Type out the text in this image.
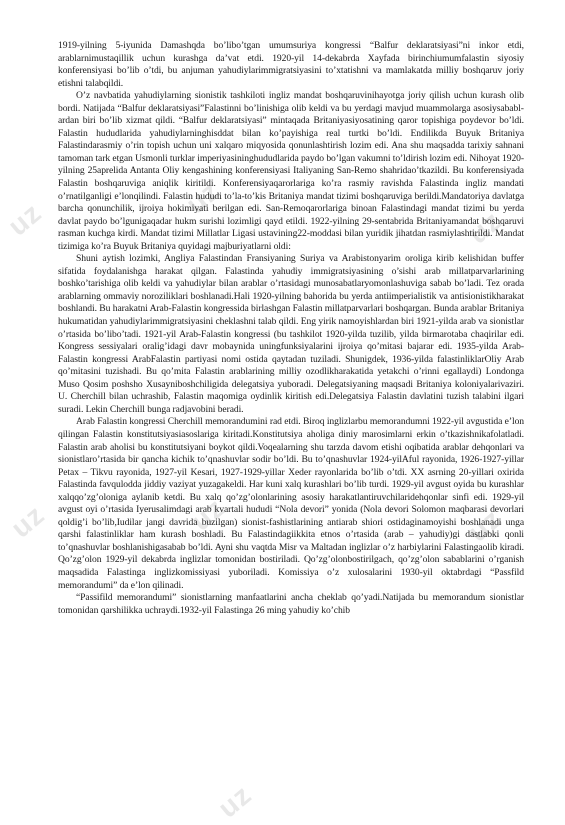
uz	uz
uz
uz	uz	uz
uz

1919-yilning 5-iyunida Damashqda bo’libo’tgan umumsuriya kongressi “Balfur deklaratsiyasi”ni inkor etdi, arablarnimustaqillik uchun kurashga da’vat etdi. 1920-yil 14-dekabrda Xayfada birinchiumumfalastin siyosiy konferensiyasi bo’lib o’tdi, bu anjuman yahudiylarimmigratsiyasini to’xtatishni va mamlakatda milliy boshqaruv joriy etishni talabqildi.

O’z navbatida yahudiylarning sionistik tashkiloti ingliz mandat boshqaruvinihayotga joriy qilish uchun kurash olib bordi. Natijada “Balfur deklaratsiyasi”Falastinni bo’linishiga olib keldi va bu yerdagi mavjud muammolarga asosiysabablardan biri bo’lib xizmat qildi. “Balfur deklaratsiyasi” mintaqada Britaniyasiyosatining qaror topishiga poydevor bo’ldi. Falastin hududlarida yahudiylarninghisddat bilan ko’payishiga real turtki bo’ldi. Endilikda Buyuk Britaniya Falastindarasmiy o’rin topish uchun uni xalqaro miqyosida qonunlashtirish lozim edi. Ana shu maqsadda tarixiy sahnani tamoman tark etgan Usmonli turklar imperiyasininghududlarida paydo bo’lgan vakumni to’ldirish lozim edi. Nihoyat 1920-yilning 25aprelida Antanta Oliy kengashining konferensiyasi Italiyaning San-Remo shahridao’tkazildi. Bu konferensiyada Falastin boshqaruviga aniqlik kiritildi. Konferensiyaqarorlariga ko’ra rasmiy ravishda Falastinda ingliz mandati o’rnatilganligi e’lonqilindi. Falastin hududi to’la-to’kis Britaniya mandat tizimi boshqaruviga berildi.Mandatoriya davlatga barcha qonunchilik, ijroiya hokimiyati berilgan edi. San-Remoqarorlariga binoan Falastindagi mandat tizimi bu yerda davlat paydo bo’lgunigaqadar hukm surishi lozimligi qayd etildi. 1922-yilning 29-sentabrida Britaniyamandat boshqaruvi rasman kuchga kirdi. Mandat tizimi Millatlar Ligasi ustavining22-moddasi bilan yuridik jihatdan rasmiylashtirildi. Mandat tizimiga ko’ra Buyuk Britaniya quyidagi majburiyatlarni oldi:

Shuni aytish lozimki, Angliya Falastindan Fransiyaning Suriya va Arabistonyarim oroliga kirib kelishidan buffer sifatida foydalanishga harakat qilgan. Falastinda yahudiy immigratsiyasining o’sishi arab millatparvarlarining boshko’tarishiga olib keldi va yahudiylar bilan arablar o’rtasidagi munosabatlaryomonlashuviga sabab bo’ladi. Tez orada arablarning ommaviy noroziliklari boshlanadi.Hali 1920-yilning bahorida bu yerda antiimperialistik va antisionistikharakat boshlandi. Bu harakatni Arab-Falastin kongressida birlashgan Falastin millatparvarlari boshqargan. Bunda arablar Britaniya hukumatidan yahudiylarimmigratsiyasini cheklashni talab qildi. Eng yirik namoyishlardan biri 1921-yilda arab va sionistlar o’rtasida bo’libo’tadi. 1921-yil Arab-Falastin kongressi (bu tashkilot 1920-yilda tuzilib, yilda birmarotaba chaqirilar edi. Kongress sessiyalari oralig’idagi davr mobaynida uningfunksiyalarini ijroiya qo’mitasi bajarar edi. 1935-yilda Arab-Falastin kongressi ArabFalastin partiyasi nomi ostida qaytadan tuziladi. Shunigdek, 1936-yilda falastinliklarOliy Arab qo’mitasini tuzishadi. Bu qo’mita Falastin arablarining milliy ozodlikharakatida yetakchi o’rinni egallaydi) Londonga Muso Qosim poshsho Xusayniboshchiligida delegatsiya yuboradi. Delegatsiyaning maqsadi Britaniya koloniyalarivaziri. U. Cherchill bilan uchrashib, Falastin maqomiga oydinlik kiritish edi.Delegatsiya Falastin davlatini tuzish talabini ilgari suradi. Lekin Cherchill bunga radjavobini beradi.

Arab Falastin kongressi Cherchill memorandumini rad etdi. Biroq inglizlarbu memorandumni 1922-yil avgustida e’lon qilingan Falastin konstitutsiyasiasoslariga kiritadi.Konstitutsiya aholiga diniy marosimlarni erkin o’tkazishnikafolatladi. Falastin arab aholisi bu konstitutsiyani boykot qildi.Voqealarning shu tarzda davom etishi oqibatida arablar dehqonlari va sionistlaro’rtasida bir qancha kichik to’qnashuvlar sodir bo’ldi. Bu to’qnashuvlar 1924-yilAful rayonida, 1926-1927-yillar Petax – Tikvu rayonida, 1927-yil Kesari, 1927-1929-yillar Xeder rayonlarida bo’lib o’tdi. XX asrning 20-yillari oxirida Falastinda favqulodda jiddiy vaziyat yuzagakeldi. Har kuni xalq kurashlari bo’lib turdi. 1929-yil avgust oyida bu kurashlar xalqqo’zg’oloniga aylanib ketdi. Bu xalq qo’zg’olonlarining asosiy harakatlantiruvchilaridehqonlar sinfi edi. 1929-yil avgust oyi o’rtasida Iyerusalimdagi arab kvartali hududi “Nola devori” yonida (Nola devori Solomon maqbarasi devorlari qoldig’i bo’lib,Iudilar jangi davrida buzilgan) sionist-fashistlarining antiarab shiori ostidaginamoyishi boshlanadi unga qarshi falastinliklar ham kurash boshladi. Bu Falastindagiikkita etnos o’rtasida (arab – yahudiy)gi dastlabki qonli to’qnashuvlar boshlanishigasabab bo’ldi. Ayni shu vaqtda Misr va Maltadan inglizlar o’z harbiylarini Falastingaolib kiradi. Qo’zg’olon 1929-yil dekabrda inglizlar tomonidan bostiriladi. Qo’zg’olonbostirilgach, qo’zg’olon sabablarini o’rganish maqsadida Falastinga inglizkomissiyasi yuboriladi. Komissiya o’z xulosalarini 1930-yil oktabrdagi “Passfild memorandumi” da e’lon qilinadi.

“Passifild memorandumi” sionistlarning manfaatlarini ancha cheklab qo’yadi.Natijada bu memorandum sionistlar tomonidan qarshilikka uchraydi.1932-yil Falastinga 26 ming yahudiy ko’chib
